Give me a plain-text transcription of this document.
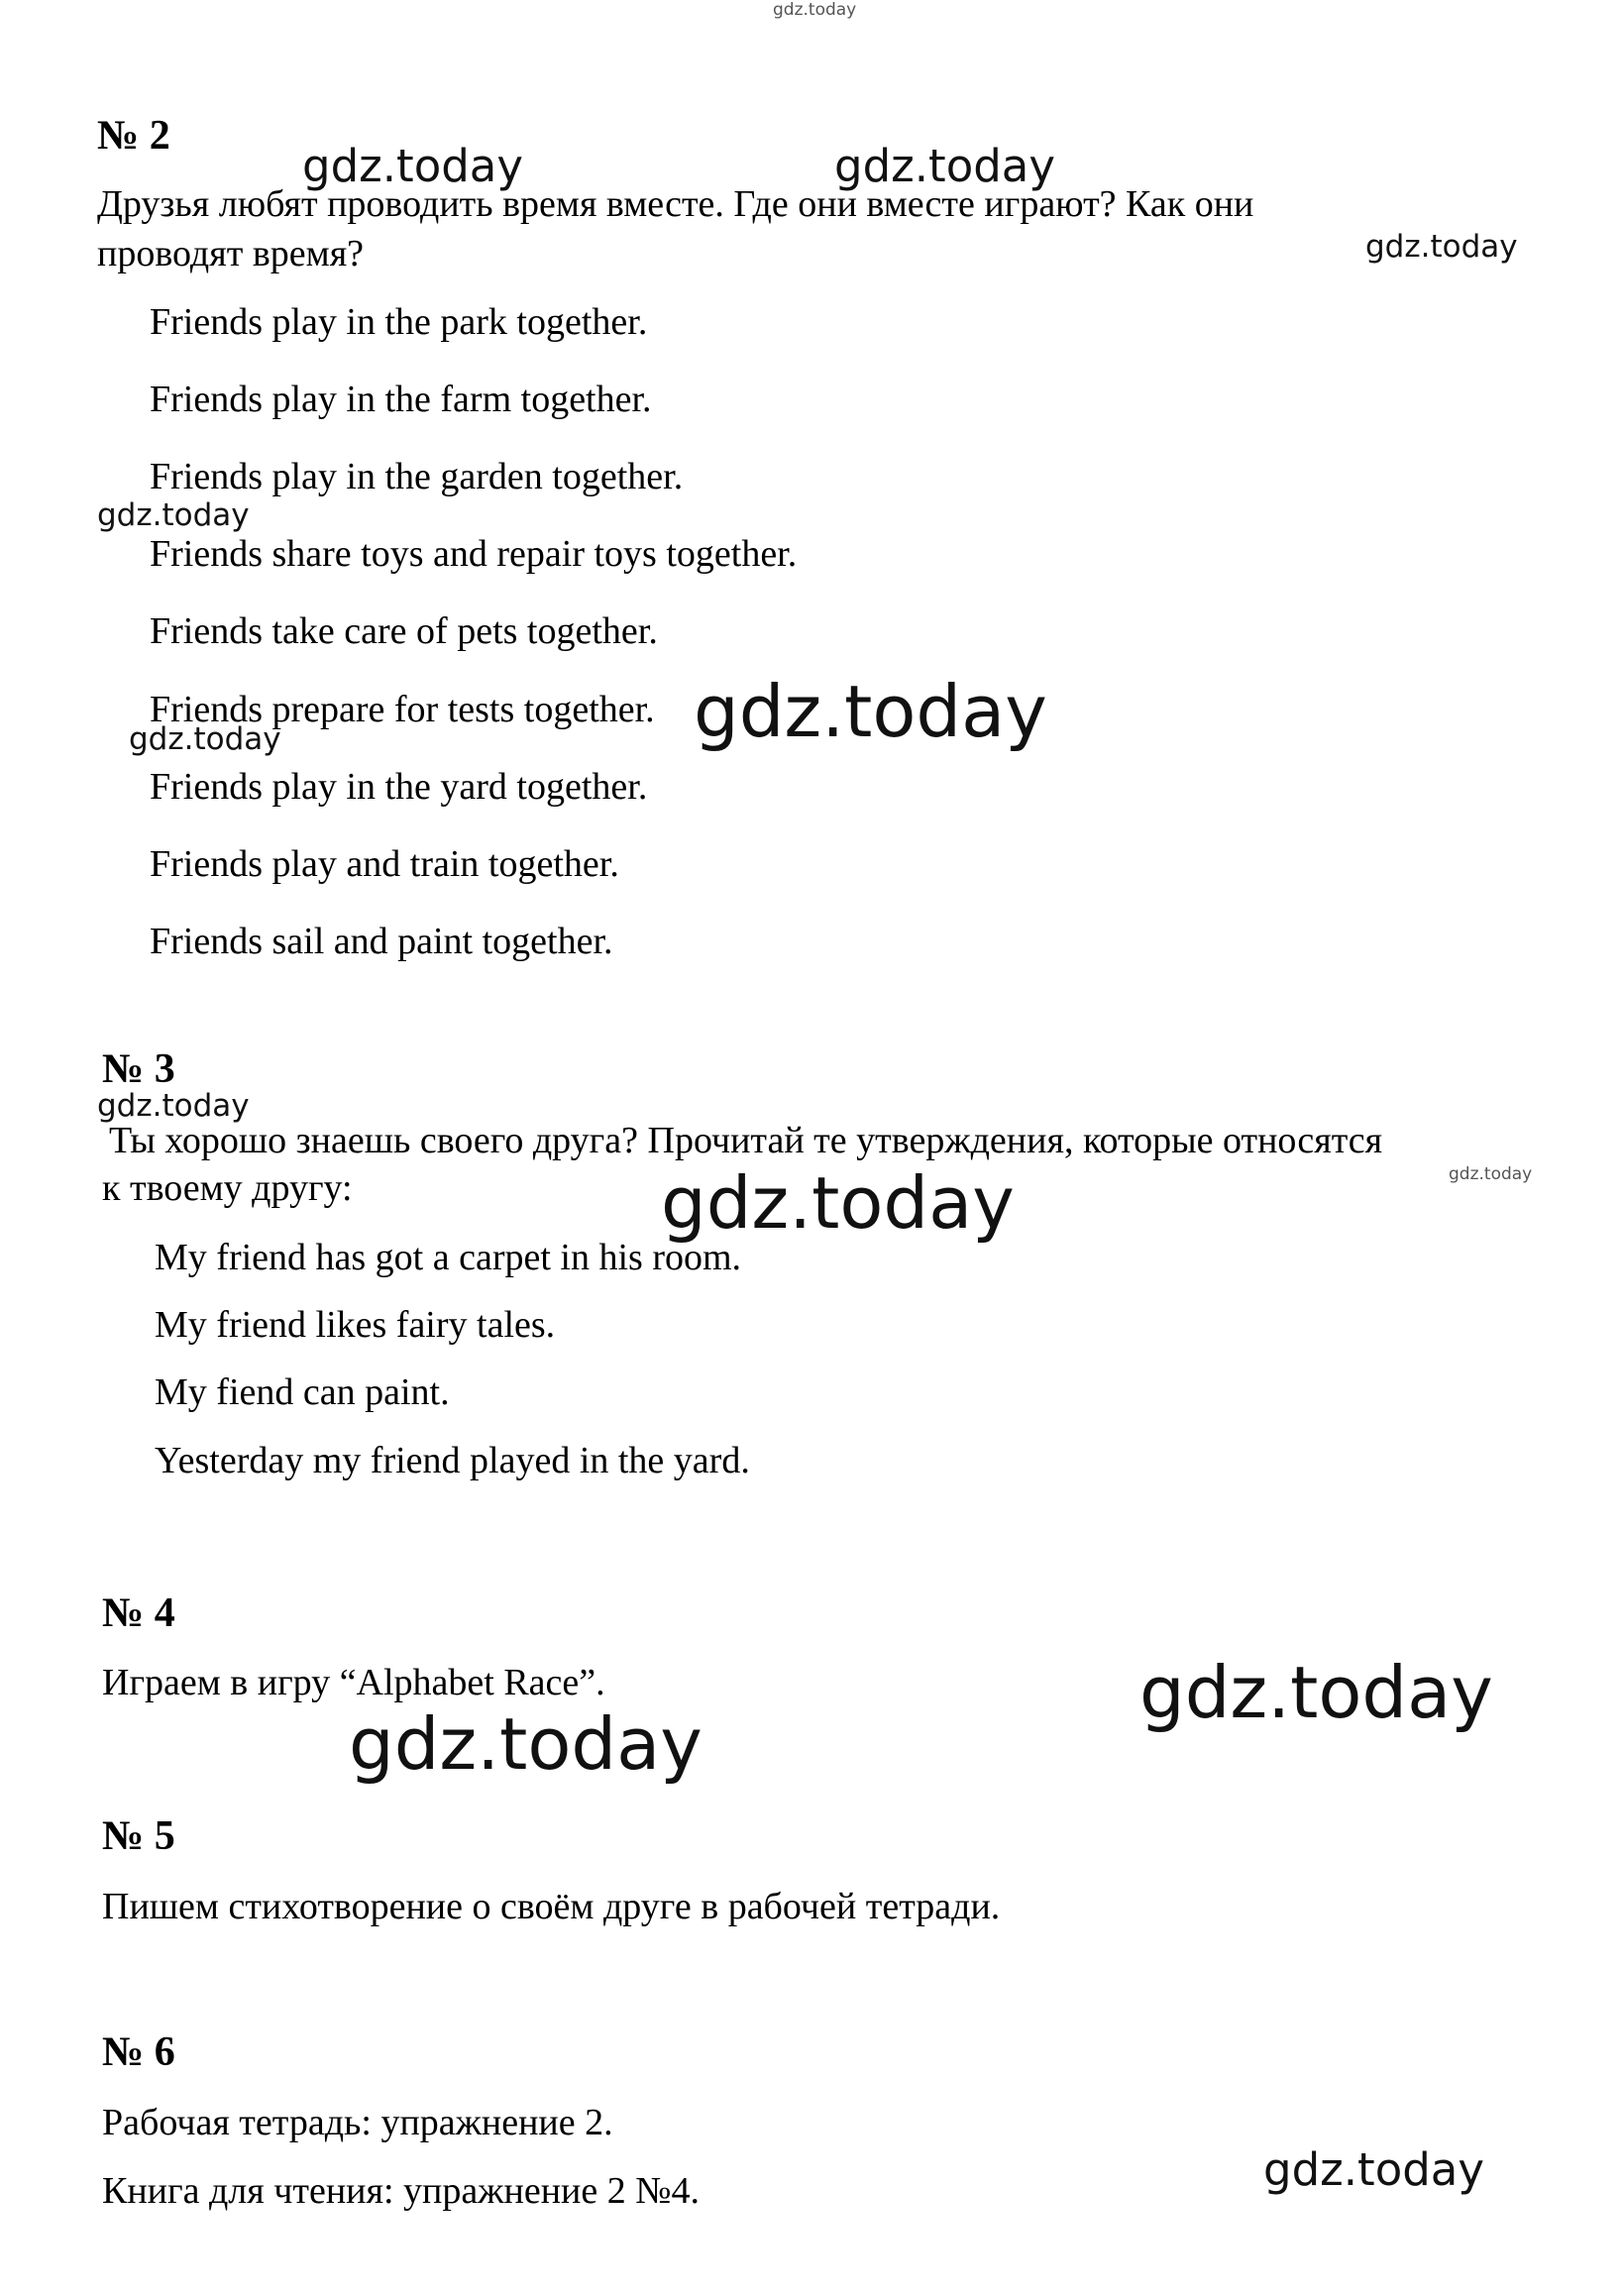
№ 2
Друзья любят проводить время вместе. Где они вместе играют? Как они
проводят время?
Friends play in the park together.
Friends play in the farm together.
Friends play in the garden together.
Friends share toys and repair toys together.
Friends take care of pets together.
Friends prepare for tests together.
Friends play in the yard together.
Friends play and train together.
Friends sail and paint together.
№ 3
Ты хорошо знаешь своего друга? Прочитай те утверждения, которые относятся
к твоему другу:
My friend has got a carpet in his room.
My friend likes fairy tales.
My fiend can paint.
Yesterday my friend played in the yard.
№ 4
Играем в игру “Alphabet Race”.
№ 5
Пишем стихотворение о своём друге в рабочей тетради.
№ 6
Рабочая тетрадь: упражнение 2.
Книга для чтения: упражнение 2 №4.
gdz.today
gdz.today	gdz.today
gdz.today
gdz.today
gdz.today
gdz.today
gdz.today
gdz.today
gdz.today
gdz.today
gdz.today
gdz.today
